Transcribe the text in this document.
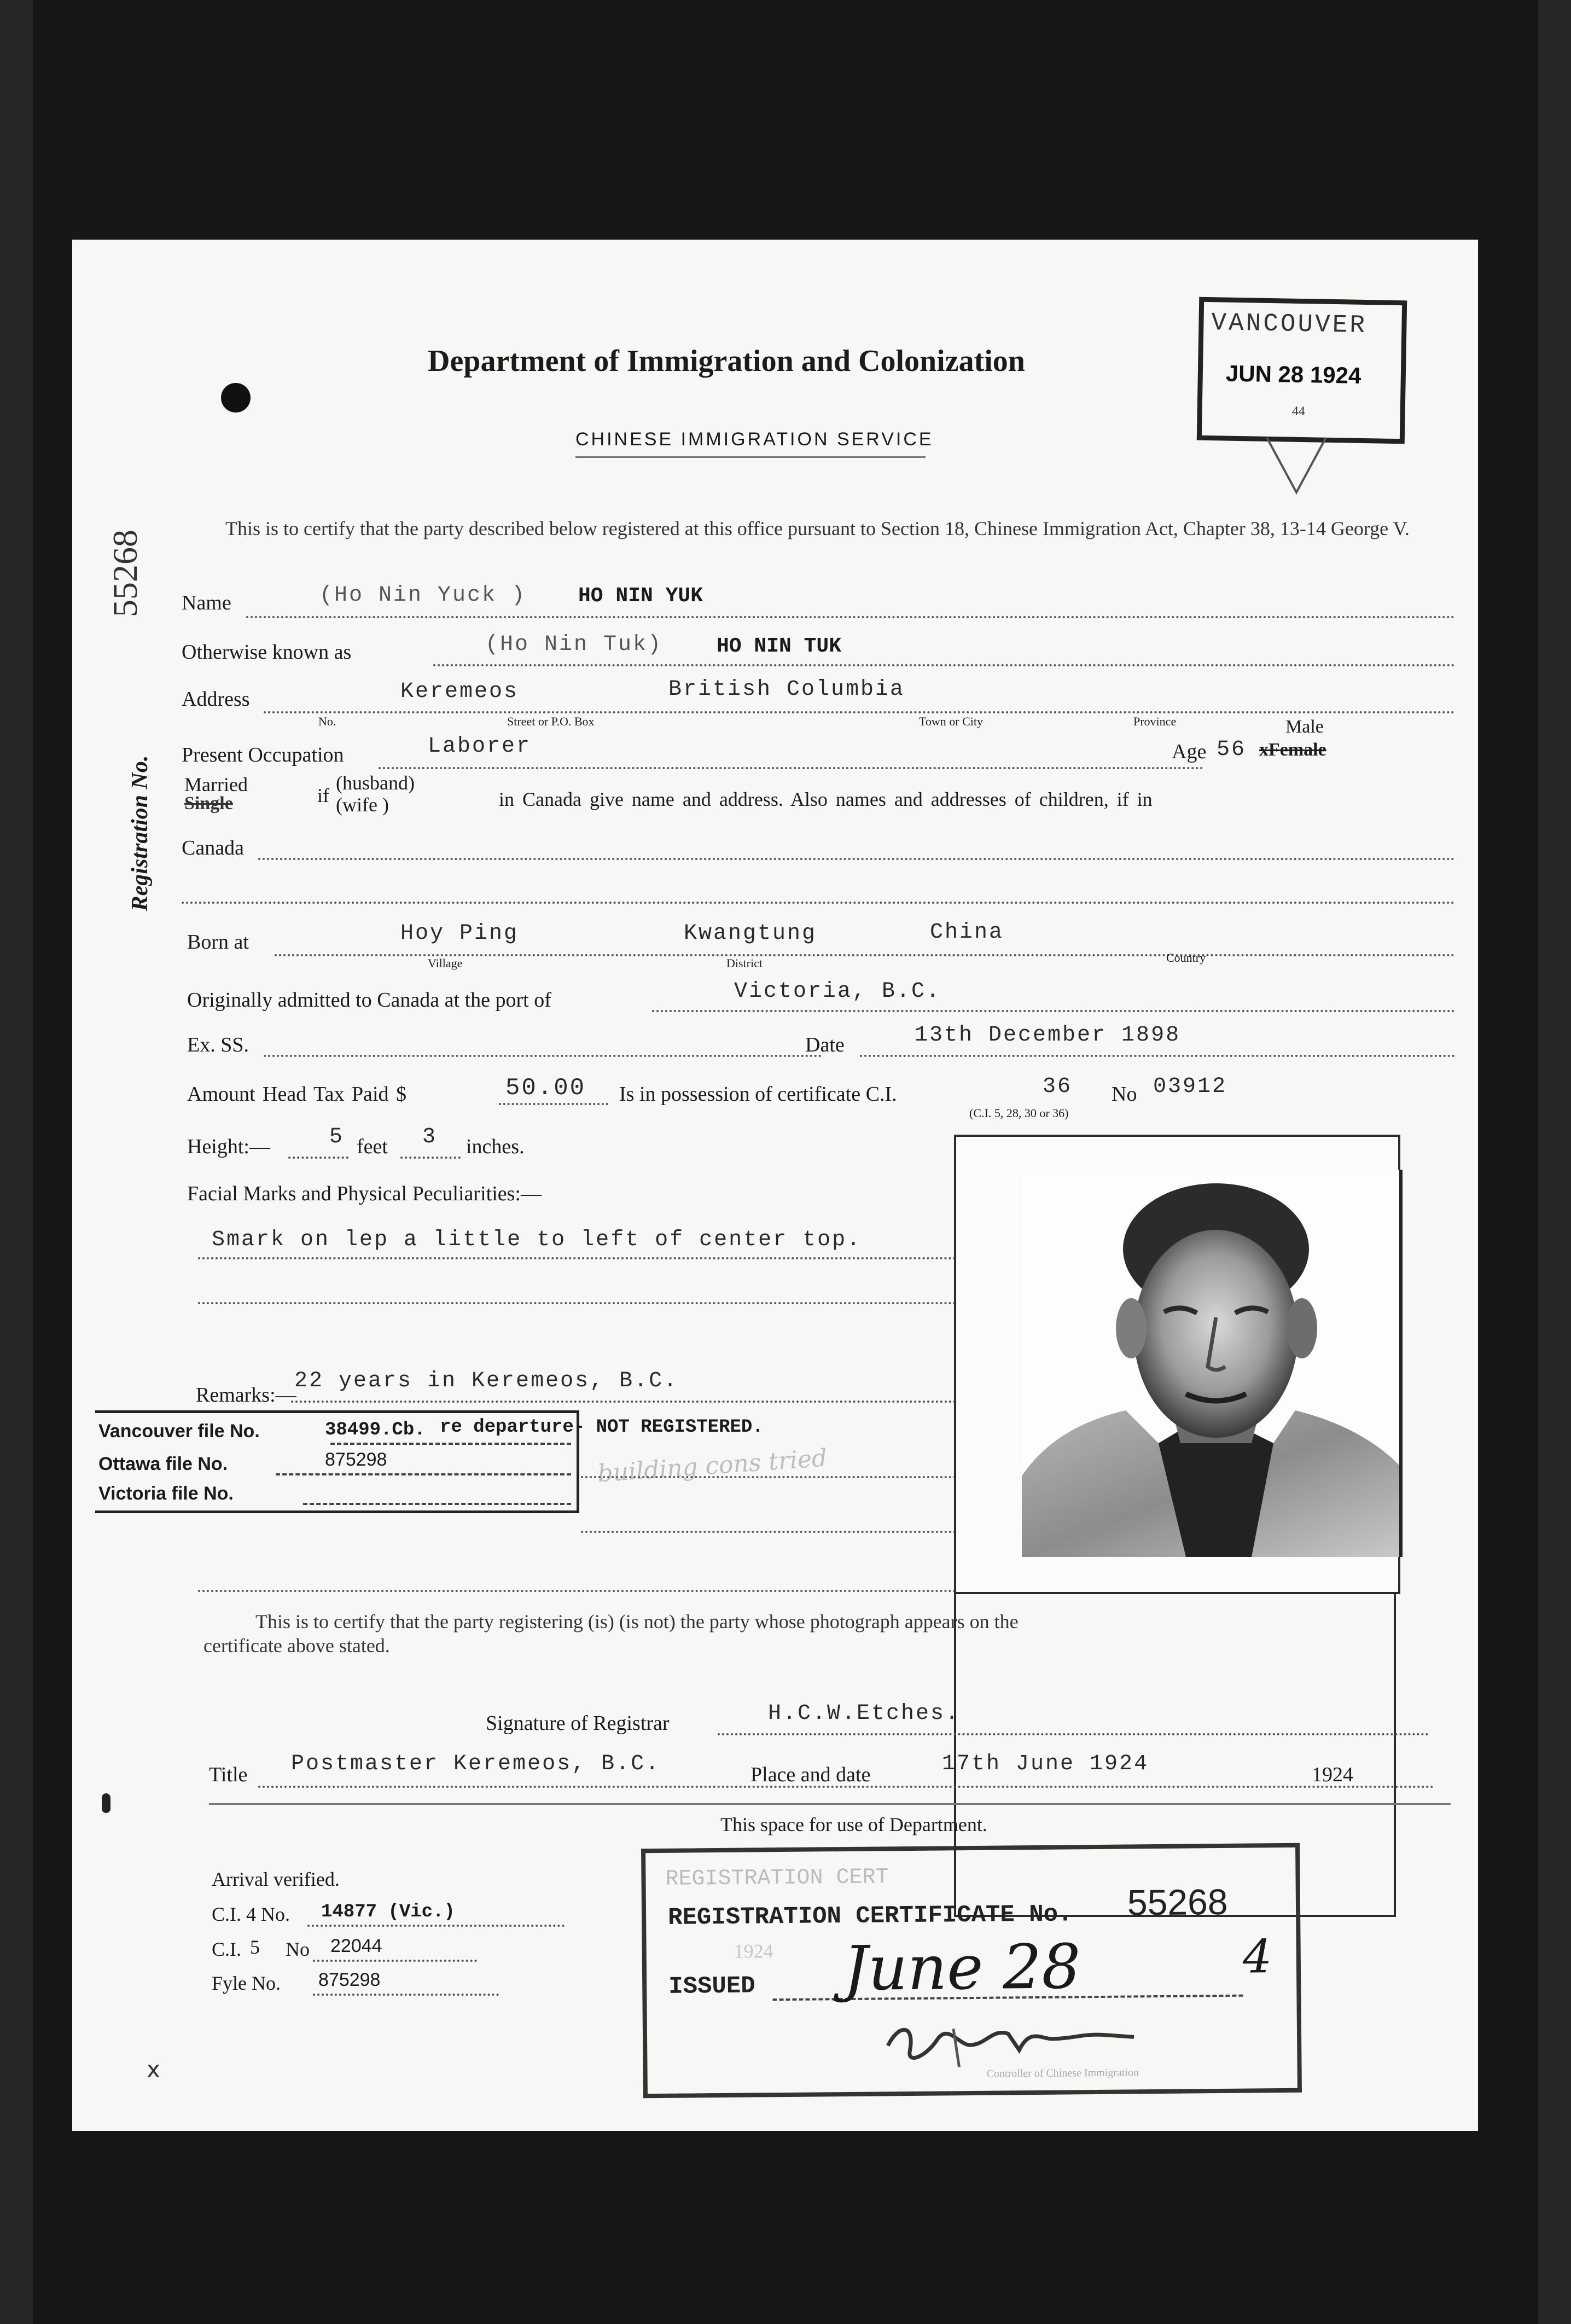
Department of Immigration and Colonization
CHINESE IMMIGRATION SERVICE
VANCOUVER
JUN 28 1924
44
55268
Registration No.
This is to certify that the party described below registered at this office pursuant to Section 18, Chinese Immigration Act, Chapter 38, 13-14 George V.
Name	(Ho Nin Yuck ) HO NIN YUK
Otherwise known as	(Ho Nin Tuk)	HO NIN TUK
Address	Keremeos	British Columbia
No.	Street or P.O. Box	Town or City	Province
Present Occupation	Laborer	Age 56
Male
xFemale
Married
Single	if
(husband)
(wife )	in Canada give name and address. Also names and addresses of children, if in
Canada
Born at	Hoy Ping	Kwangtung	China
Village	District	Country
Originally admitted to Canada at the port of	Victoria, B.C.
Ex. SS.	Date	13th December 1898
Amount Head Tax Paid $	50.00 Is in possession of certificate C.I.	36 No 03912
(C.I. 5, 28, 30 or 36)
Height:—	5 feet 3 inches.
Facial Marks and Physical Peculiarities:—
Smark on lep a little to left of center top.
Remarks:—
22 years in Keremeos, B.C.
Vancouver file No.	38499.Cb.
Ottawa file No.	875298
Victoria file No.
re departure- NOT REGISTERED.
building cons tried
This is to certify that the party registering (is) (is not) the party whose photograph appears on the certificate above stated.
Signature of Registrar	H.C.W.Etches.
Title Postmaster Keremeos, B.C.	Place and date	17th June 1924	1924
This space for use of Department.
Arrival verified.
C.I. 4 No. 14877 (Vic.)
C.I. 5 No 22044
Fyle No. 875298
REGISTRATION CERT
REGISTRATION CERTIFICATE No. 55268
1924
ISSUED June 28	4
Controller of Chinese Immigration
x
